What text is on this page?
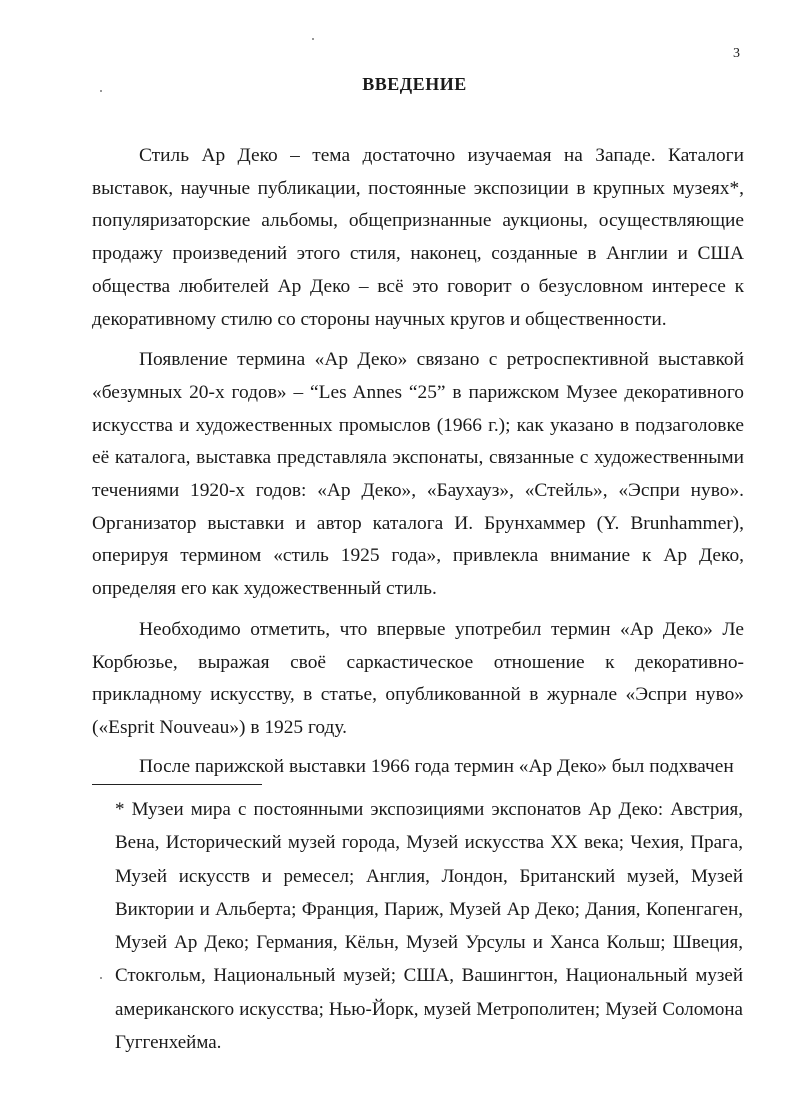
3
ВВЕДЕНИЕ

Стиль Ар Деко – тема достаточно изучаемая на Западе. Каталоги выставок, научные публикации, постоянные экспозиции в крупных музеях*, популяризаторские альбомы, общепризнанные аукционы, осуществляющие продажу произведений этого стиля, наконец, созданные в Англии и США общества любителей Ар Деко – всё это говорит о безусловном интересе к декоративному стилю со стороны научных кругов и общественности.

Появление термина «Ар Деко» связано с ретроспективной выставкой «безумных 20-х годов» – “Les Annes “25” в парижском Музее декоративного искусства и художественных промыслов (1966 г.); как указано в подзаголовке её каталога, выставка представляла экспонаты, связанные с художественными течениями 1920-х годов: «Ар Деко», «Баухауз», «Стейль», «Эспри нуво». Организатор выставки и автор каталога И. Брунхаммер (Y. Brunhammer), оперируя термином «стиль 1925 года», привлекла внимание к Ар Деко, определяя его как художественный стиль.

Необходимо отметить, что впервые употребил термин «Ар Деко» Ле Корбюзье, выражая своё саркастическое отношение к декоративно-прикладному искусству, в статье, опубликованной в журнале «Эспри нуво» («Esprit Nouveau») в 1925 году.

После парижской выставки 1966 года термин «Ар Деко» был подхвачен

* Музеи мира с постоянными экспозициями экспонатов Ар Деко: Австрия, Вена, Исторический музей города, Музей искусства XX века; Чехия, Прага, Музей искусств и ремесел; Англия, Лондон, Британский музей, Музей Виктории и Альберта; Франция, Париж, Музей Ар Деко; Дания, Копенгаген, Музей Ар Деко; Германия, Кёльн, Музей Урсулы и Ханса Кольш; Швеция, Стокгольм, Национальный музей; США, Вашингтон, Национальный музей американского искусства; Нью-Йорк, музей Метрополитен; Музей Соломона Гуггенхейма.
